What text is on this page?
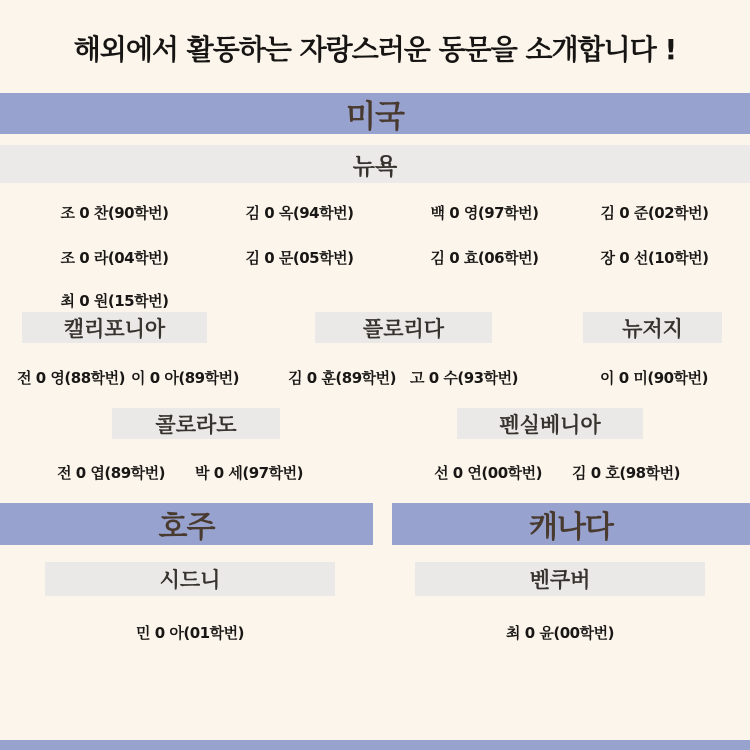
해외에서 활동하는 자랑스러운 동문을 소개합니다 !
미국
뉴욕
조 0 찬(90학번)	김 0 옥(94학번)	백 0 영(97학번)	김 0 준(02학번)
조 0 라(04학번)	김 0 문(05학번)	김 0 효(06학번)	장 0 선(10학번)
최 0 원(15학번)
캘리포니아	플로리다	뉴저지
전 0 영(88학번) 이 0 아(89학번)	김 0 훈(89학번) 고 0 수(93학번)	이 0 미(90학번)
콜로라도	펜실베니아
전 0 엽(89학번) 박 0 세(97학번)	선 0 연(00학번) 김 0 호(98학번)
호주	캐나다
시드니	벤쿠버
민 0 아(01학번)	최 0 윤(00학번)
